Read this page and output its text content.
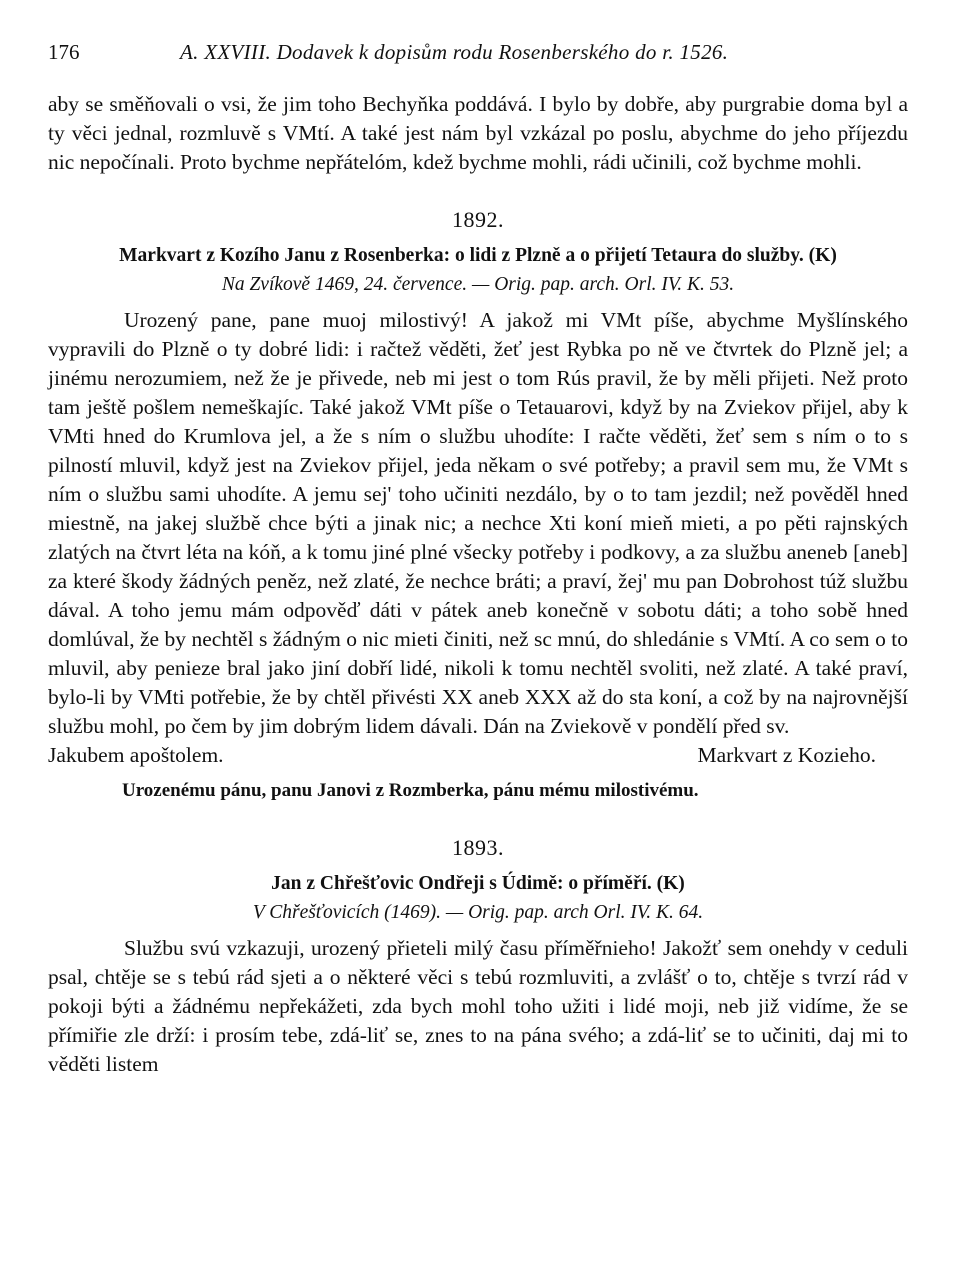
176	A. XXVIII. Dodavek k dopisům rodu Rosenberského do r. 1526.

aby se směňovali o vsi, že jim toho Bechyňka poddává. I bylo by dobře, aby purgrabie doma byl a ty věci jednal, rozmluvě s VMtí. A také jest nám byl vzkázal po poslu, abychme do jeho příjezdu nic nepočínali. Proto bychme nepřátelóm, kdež bychme mohli, rádi učinili, což bychme mohli.

1892.

Markvart z Kozího Janu z Rosenberka: o lidi z Plzně a o přijetí Tetaura do služby. (K)

Na Zvíkově 1469, 24. července. — Orig. pap. arch. Orl. IV. K. 53.

Urozený pane, pane muoj milostivý! A jakož mi VMt píše, abychme Myšlínského vypravili do Plzně o ty dobré lidi: i račtež věděti, žeť jest Rybka po ně ve čtvrtek do Plzně jel; a jinému nerozumiem, než že je přivede, neb mi jest o tom Rús pravil, že by měli přijeti. Než proto tam ještě pošlem nemeškajíc. Také jakož VMt píše o Tetauarovi, když by na Zviekov přijel, aby k VMti hned do Krumlova jel, a že s ním o službu uhodíte: I račte věděti, žeť sem s ním o to s pilností mluvil, když jest na Zviekov přijel, jeda někam o své potřeby; a pravil sem mu, že VMt s ním o službu sami uhodíte. A jemu sej' toho učiniti nezdálo, by o to tam jezdil; než pověděl hned miestně, na jakej službě chce býti a jinak nic; a nechce Xti koní mieň mieti, a po pěti rajnských zlatých na čtvrt léta na kóň, a k tomu jiné plné všecky potřeby i podkovy, a za službu aneneb [aneb] za které škody žádných peněz, než zlaté, že nechce bráti; a praví, žej' mu pan Dobrohost túž službu dával. A toho jemu mám odpověď dáti v pátek aneb konečně v sobotu dáti; a toho sobě hned domlúval, že by nechtěl s žádným o nic mieti činiti, než sc mnú, do shledánie s VMtí. A co sem o to mluvil, aby penieze bral jako jiní dobří lidé, nikoli k tomu nechtěl svoliti, než zlaté. A také praví, bylo-li by VMti potřebie, že by chtěl přivésti XX aneb XXX až do sta koní, a což by na najrovnější službu mohl, po čem by jim dobrým lidem dávali. Dán na Zviekově v pondělí před sv.

Jakubem apoštolem.	Markvart z Kozieho.

Urozenému pánu, panu Janovi z Rozmberka, pánu mému milostivému.

1893.

Jan z Chřešťovic Ondřeji s Údimě: o příměří. (K)

V Chřešťovicích (1469). — Orig. pap. arch Orl. IV. K. 64.

Službu svú vzkazuji, urozený přieteli milý času příměřnieho! Jakožť sem onehdy v ceduli psal, chtěje se s tebú rád sjeti a o některé věci s tebú rozmluviti, a zvlášť o to, chtěje s tvrzí rád v pokoji býti a žádnému nepřekážeti, zda bych mohl toho užiti i lidé moji, neb již vidíme, že se přímiřie zle drží: i prosím tebe, zdá-liť se, znes to na pána svého; a zdá-liť se to učiniti, daj mi to věděti listem
